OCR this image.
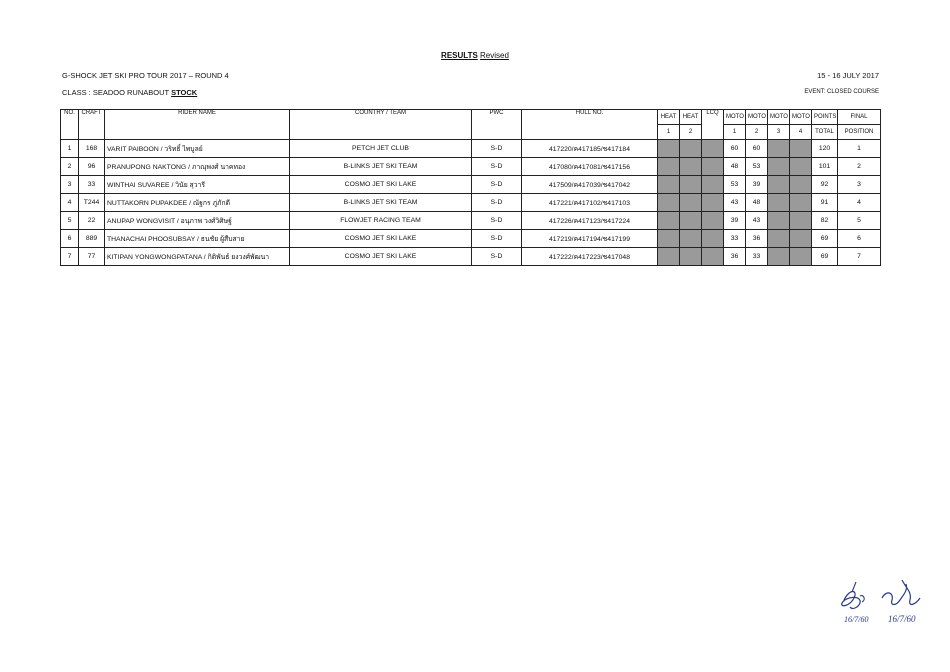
RESULTS Revised
G-SHOCK JET SKI PRO TOUR 2017 – ROUND 4	15 - 16 JULY 2017
CLASS : SEADOO RUNABOUT STOCK	EVENT: CLOSED COURSE
NO.	CRAFT	RIDER NAME	COUNTRY / TEAM	PWC	HULL NO.	HEAT	HEAT	LCQ	MOTO	MOTO	MOTO	MOTO	POINTS	FINAL
						1	2		1	2	3	4	TOTAL	POSITION
1	168	VARIT PAIBOON / วริทธิ์ ไพบูลย์	PETCH JET CLUB	S-D	417220/ค417185/ช417184				60	60			120	1
2	96	PRANUPONG NAKTONG / ภาณุพงศ์ นาคทอง	B-LINKS JET SKI TEAM	S-D	417080/ค417081/ช417156				48	53			101	2
3	33	WINTHAI SUVAREE / วินัย สุวารี	COSMO JET SKI LAKE	S-D	417509/ค417039/ช417042				53	39			92	3
4	T244	NUTTAKORN PUPAKDEE / ณัฐกร ภู่ภักดี	B-LINKS JET SKI TEAM	S-D	417221/ค417102/ช417103				43	48			91	4
5	22	ANUPAP WONGVISIT / อนุภาพ วงศ์วิศิษฐ์	FLOWJET RACING TEAM	S-D	417226/ค417123/ช417224				39	43			82	5
6	889	THANACHAI PHOOSUBSAY / ธนชัย ผู้สืบสาย	COSMO JET SKI LAKE	S-D	417219/ค417194/ช417199				33	36			69	6
7	77	KITIPAN YONGWONGPATANA / กิติพันธ์ ยงวงศ์พัฒนา	COSMO JET SKI LAKE	S-D	417222/ค417223/ช417048				36	33			69	7
16/7/60 16/7/60
